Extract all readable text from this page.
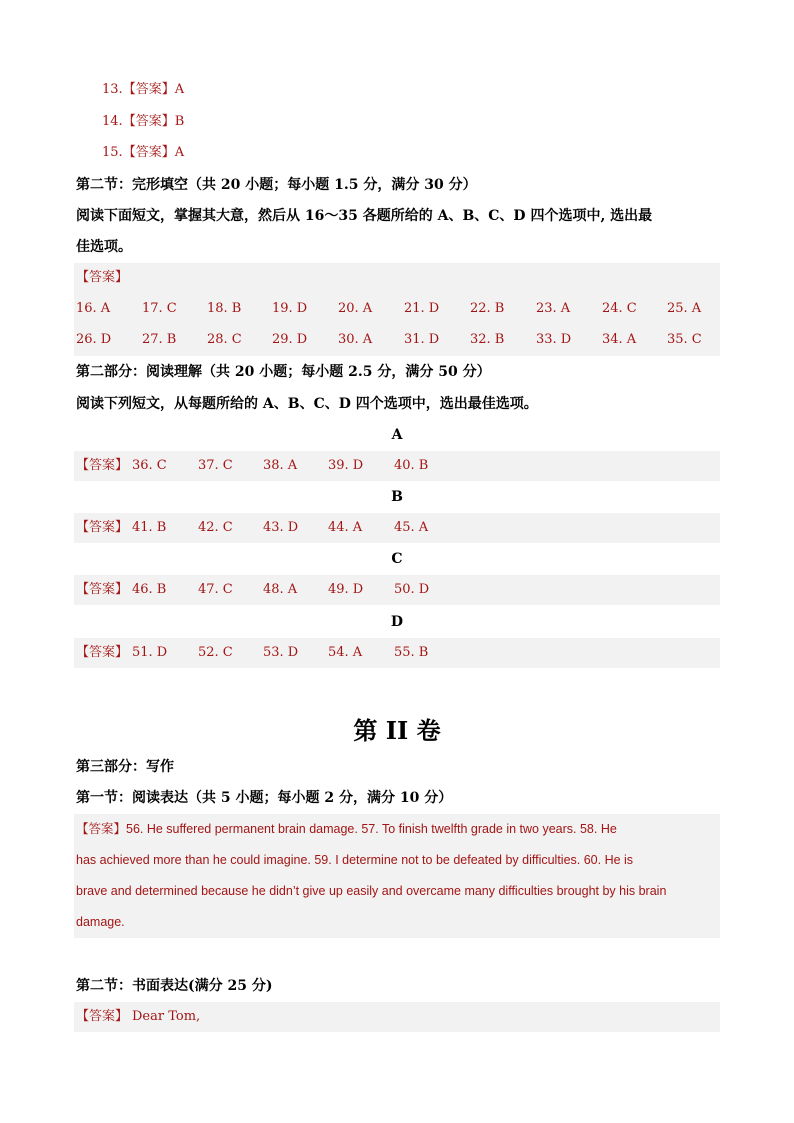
13.【答案】A
14.【答案】B
15.【答案】A
第二节：完形填空（共 20 小题；每小题 1.5 分，满分 30 分）
阅读下面短文，掌握其大意，然后从 16～35 各题所给的 A、B、C、D 四个选项中, 选出最
佳选项。
【答案】
16. A 17. C 18. B 19. D 20. A 21. D 22. B 23. A 24. C 25. A
26. D 27. B 28. C 29. D 30. A 31. D 32. B 33. D 34. A 35. C
第二部分：阅读理解（共 20 小题；每小题 2.5 分，满分 50 分）
阅读下列短文，从每题所给的 A、B、C、D 四个选项中，选出最佳选项。
A
【答案】 36. C 37. C 38. A 39. D 40. B
B
【答案】 41. B 42. C 43. D 44. A 45. A
C
【答案】 46. B 47. C 48. A 49. D 50. D
D
【答案】 51. D 52. C 53. D 54. A 55. B
第 II 卷
第三部分：写作
第一节：阅读表达（共 5 小题；每小题 2 分，满分 10 分）
【答案】56. He suffered permanent brain damage. 57. To finish twelfth grade in two years. 58. He
has achieved more than he could imagine. 59. I determine not to be defeated by difficulties. 60. He is
brave and determined because he didn’t give up easily and overcame many difficulties brought by his brain
damage.
第二节：书面表达(满分 25 分)
【答案】 Dear Tom,
